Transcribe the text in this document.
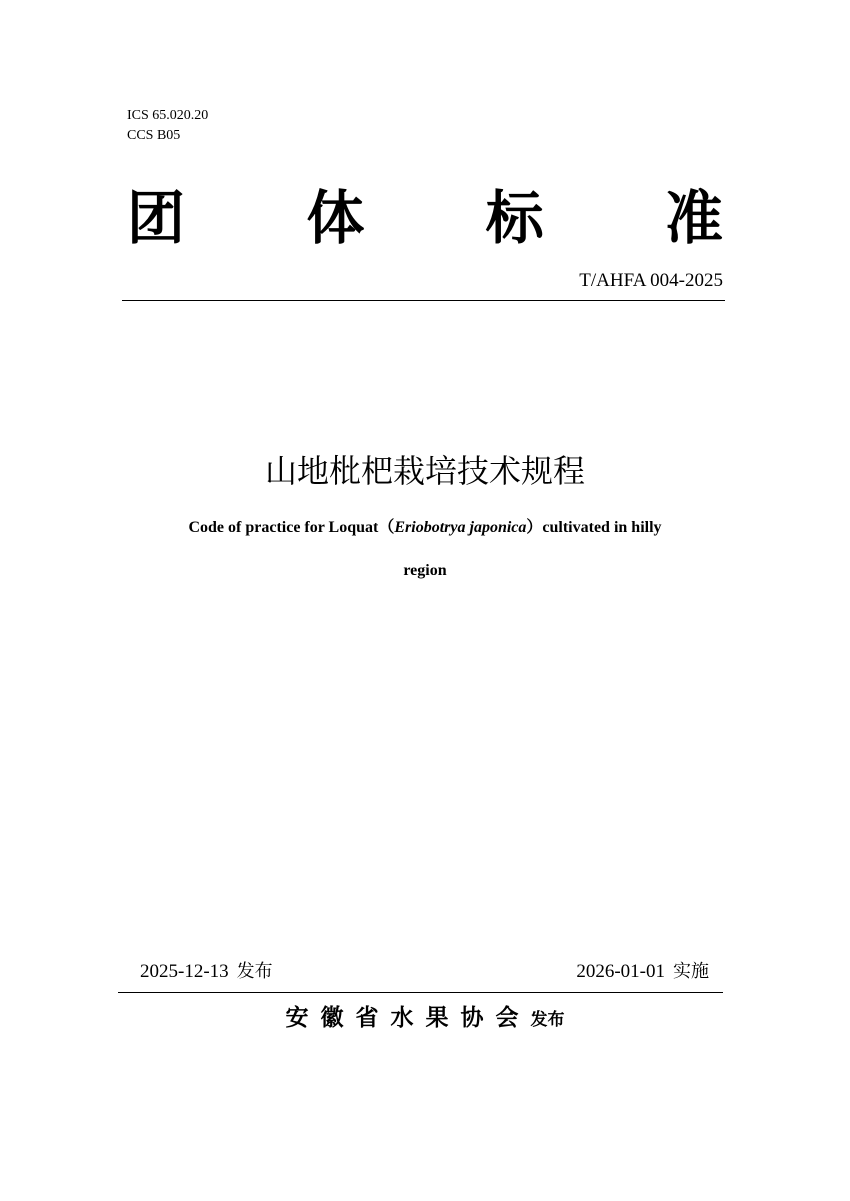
ICS 65.020.20
CCS B05
团 体 标 准
T/AHFA 004-2025
山地枇杷栽培技术规程
Code of practice for Loquat（Eriobotrya japonica）cultivated in hilly
region
2025-12-13 发布	2026-01-01 实施
安徽省水果协会发布
